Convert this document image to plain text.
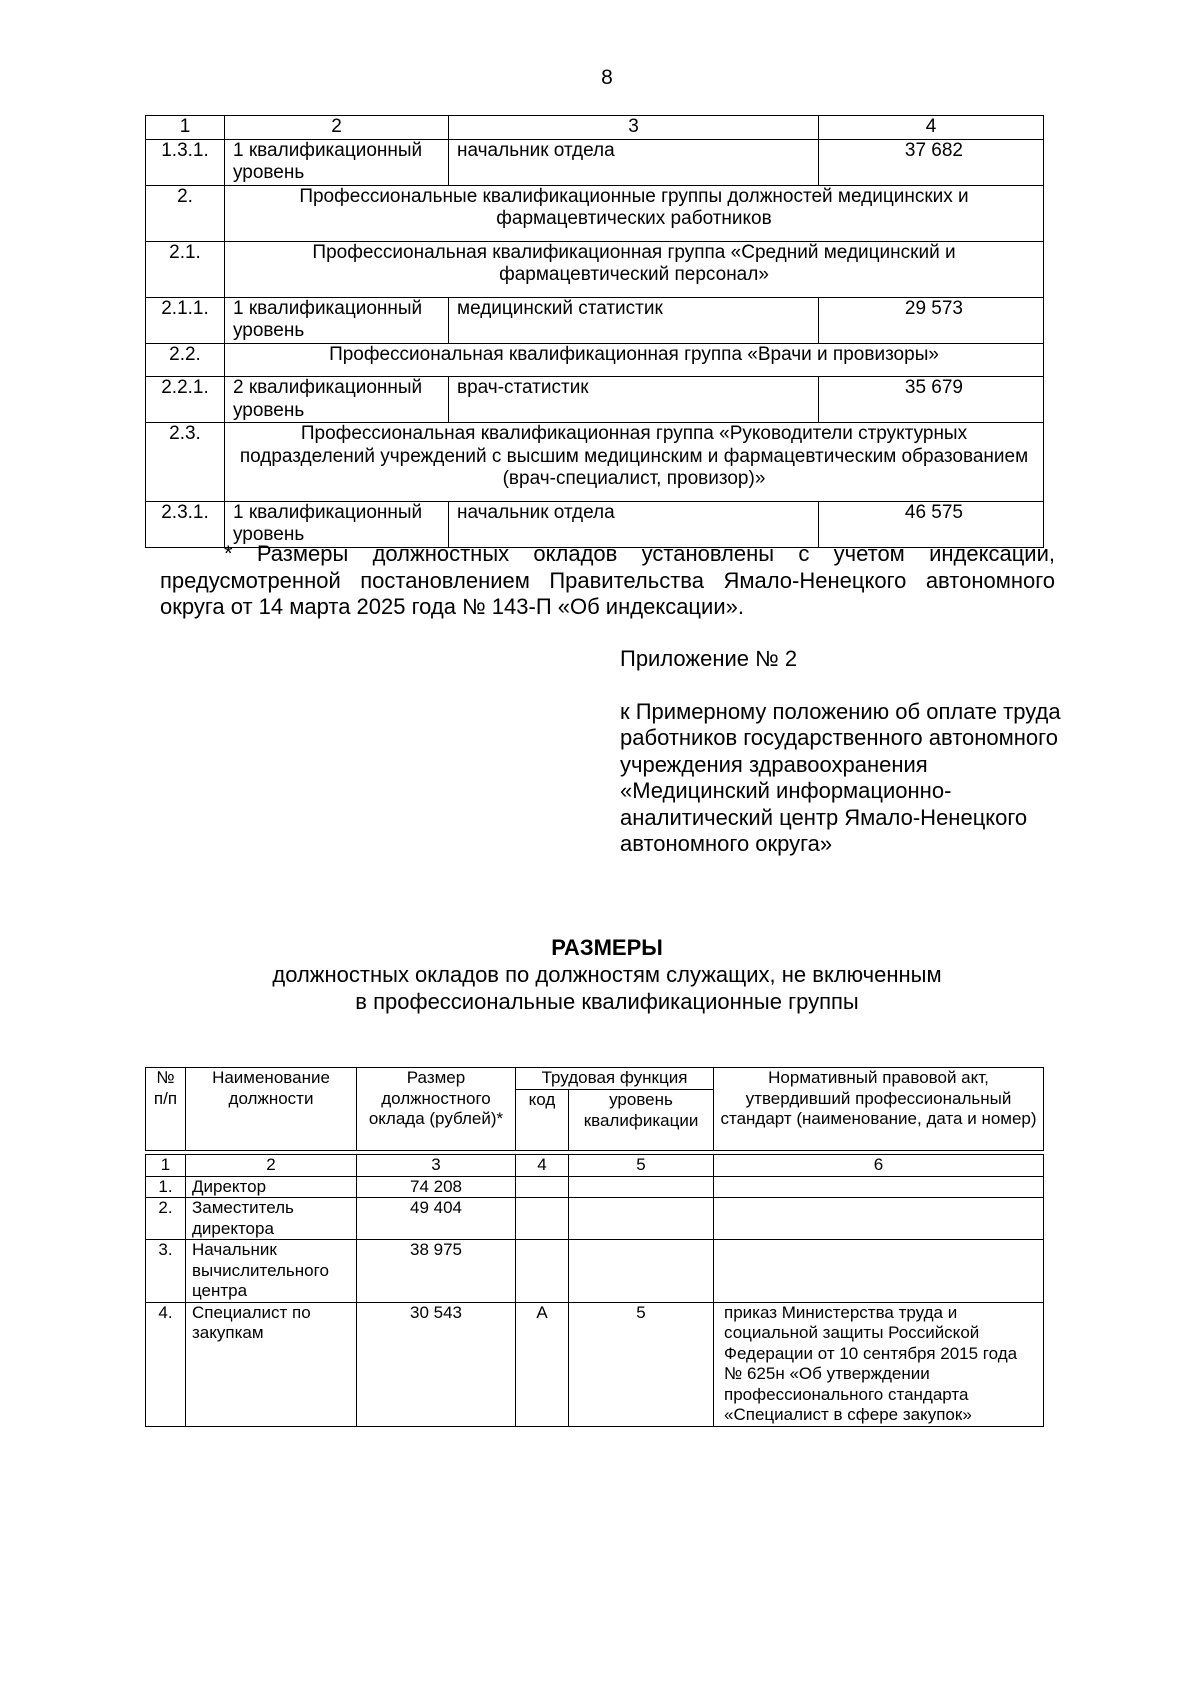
8
1	2	3	4
1.3.1.	1 квалификационный уровень	начальник отдела	37 682
2.	Профессиональные квалификационные группы должностей медицинских и фармацевтических работников		
2.1.	Профессиональная квалификационная группа «Средний медицинский и фармацевтический персонал»		
2.1.1.	1 квалификационный уровень	медицинский статистик	29 573
2.2.	Профессиональная квалификационная группа «Врачи и провизоры»		
2.2.1.	2 квалификационный уровень	врач-статистик	35 679
2.3.	Профессиональная квалификационная группа «Руководители структурных подразделений учреждений с высшим медицинским и фармацевтическим образованием (врач-специалист, провизор)»		
2.3.1.	1 квалификационный уровень	начальник отдела	46 575
* Размеры должностных окладов установлены с учетом индексации, предусмотренной постановлением Правительства Ямало-Ненецкого автономного округа от 14 марта 2025 года № 143-П «Об индексации».
Приложение № 2
к Примерному положению об оплате труда работников государственного автономного учреждения здравоохранения «Медицинский информационно-аналитический центр Ямало-Ненецкого автономного округа»
РАЗМЕРЫ
должностных окладов по должностям служащих, не включенным
в профессиональные квалификационные группы
№ п/п	Наименование должности	Размер должностного оклада (рублей)*	Трудовая функция		Нормативный правовой акт, утвердивший профессиональный стандарт (наименование, дата и номер)
			код	уровень квалификации	

1	2	3	4	5	6
1.	Директор	74 208			
2.	Заместитель директора	49 404			
3.	Начальник вычислительного центра	38 975			
4.	Специалист по закупкам	30 543	А	5	приказ Министерства труда и социальной защиты Российской Федерации от 10 сентября 2015 года № 625н «Об утверждении профессионального стандарта «Специалист в сфере закупок»
